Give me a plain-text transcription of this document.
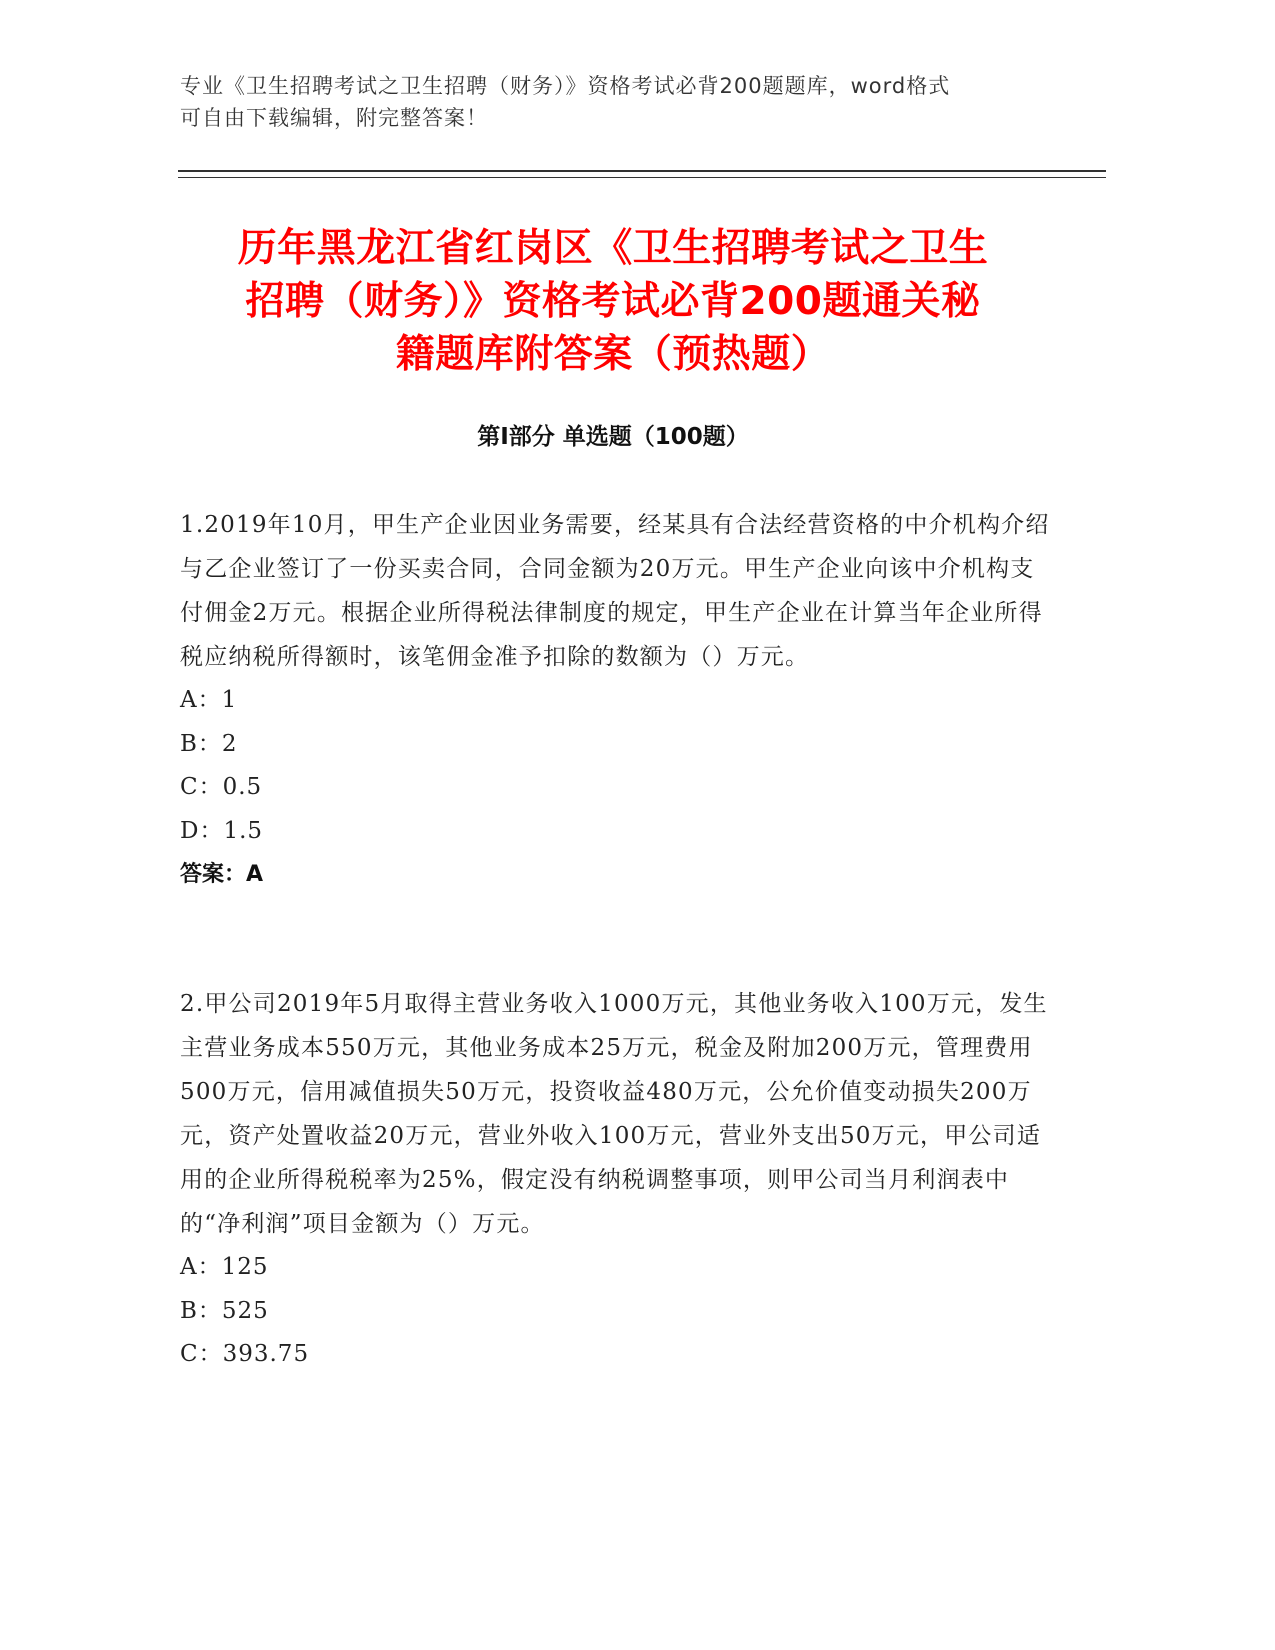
专业《卫生招聘考试之卫生招聘（财务）》资格考试必背200题题库，word格式
可自由下载编辑，附完整答案！
历年黑龙江省红岗区《卫生招聘考试之卫生
招聘（财务）》资格考试必背200题通关秘
籍题库附答案（预热题）
第Ⅰ部分 单选题（100题）
1.2019年10月，甲生产企业因业务需要，经某具有合法经营资格的中介机构介绍与乙企业签订了一份买卖合同，合同金额为20万元。甲生产企业向该中介机构支付佣金2万元。根据企业所得税法律制度的规定，甲生产企业在计算当年企业所得税应纳税所得额时，该笔佣金准予扣除的数额为（）万元。
A：1
B：2
C：0.5
D：1.5
答案：A
2.甲公司2019年5月取得主营业务收入1000万元，其他业务收入100万元，发生主营业务成本550万元，其他业务成本25万元，税金及附加200万元，管理费用500万元，信用减值损失50万元，投资收益480万元，公允价值变动损失200万元，资产处置收益20万元，营业外收入100万元，营业外支出50万元，甲公司适用的企业所得税税率为25%，假定没有纳税调整事项，则甲公司当月利润表中的“净利润”项目金额为（）万元。
A：125
B：525
C：393.75
